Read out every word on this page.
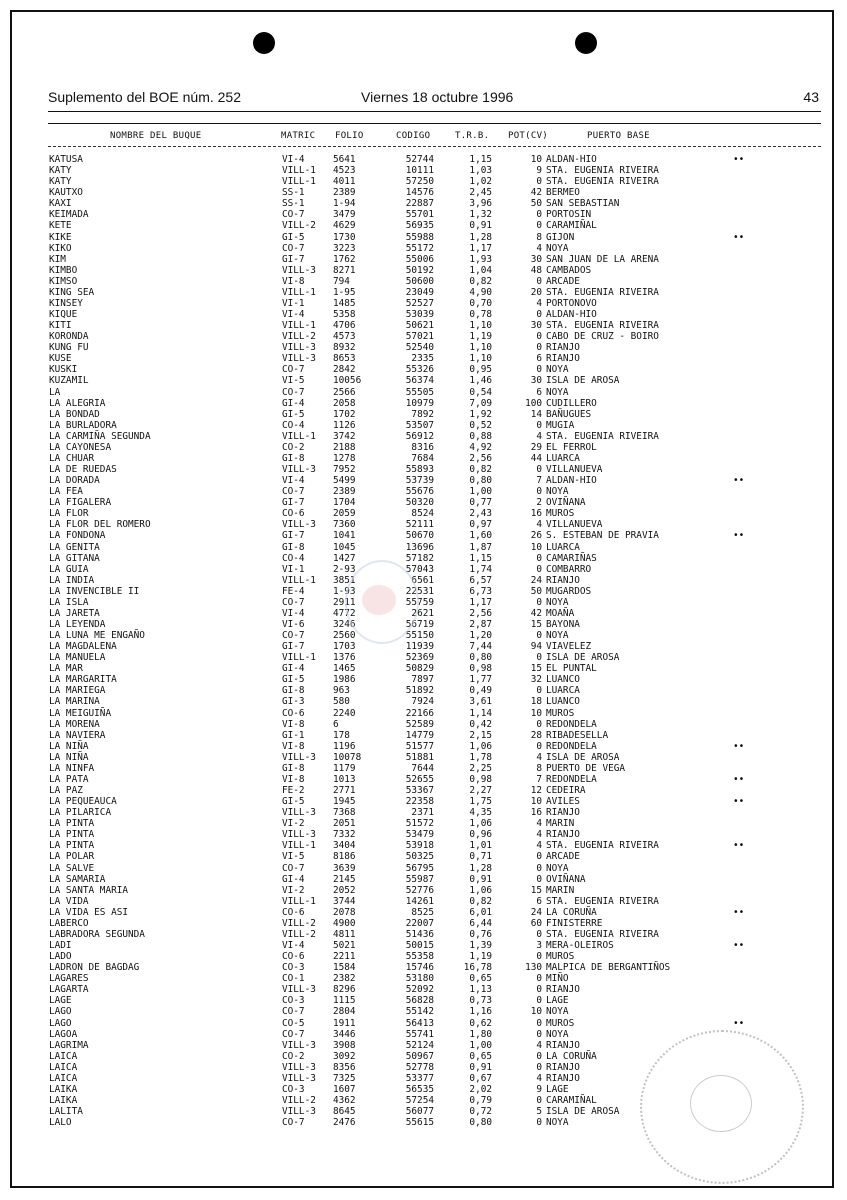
Suplemento del BOE núm. 252	Viernes 18 octubre 1996	43
NOMBRE DEL BUQUE	MATRIC FOLIO	CODIGO	T.R.B. POT(CV)	PUERTO BASE
KATUSA	VI-4	5641	52744	1,15	10 ALDAN-HIO	••
KATY	VILL-1 4523	10111	1,03	9 STA. EUGENIA RIVEIRA
KATY	VILL-1 4011	57250	1,02	0 STA. EUGENIA RIVEIRA
KAUTXO	SS-1	2389	14576	2,45	42 BERMEO
KAXI	SS-1	1-94	22887	3,96	50 SAN SEBASTIAN
KEIMADA	CO-7	3479	55701	1,32	0 PORTOSIN
KETE	VILL-2 4629	56935	0,91	0 CARAMIÑAL
KIKE	GI-5	1730	55988	1,28	8 GIJON	••
KIKO	CO-7	3223	55172	1,17	4 NOYA
KIM	GI-7	1762	55006	1,93	30 SAN JUAN DE LA ARENA
KIMBO	VILL-3 8271	50192	1,04	48 CAMBADOS
KIMSO	VI-8	794	50600	0,82	0 ARCADE
KING SEA	VILL-1 1-95	23049	4,90	20 STA. EUGENIA RIVEIRA
KINSEY	VI-1	1485	52527	0,70	4 PORTONOVO
KIQUE	VI-4	5358	53039	0,78	0 ALDAN-HIO
KITI	VILL-1 4706	50621	1,10	30 STA. EUGENIA RIVEIRA
KORONDA	VILL-2 4573	57021	1,19	0 CABO DE CRUZ - BOIRO
KUNG FU	VILL-3 8932	52540	1,10	0 RIANJO
KUSE	VILL-3 8653	2335	1,10	6 RIANJO
KUSKI	CO-7	2842	55326	0,95	0 NOYA
KUZAMIL	VI-5	10056	56374	1,46	30 ISLA DE AROSA
LA	CO-7	2566	55505	0,54	6 NOYA
LA ALEGRIA	GI-4	2058	10979	7,09	100 CUDILLERO
LA BONDAD	GI-5	1702	7892	1,92	14 BAÑUGUES
LA BURLADORA	CO-4	1126	53507	0,52	0 MUGIA
LA CARMIÑA SEGUNDA	VILL-1 3742	56912	0,88	4 STA. EUGENIA RIVEIRA
LA CAYONESA	CO-2	2188	8316	4,92	29 EL FERROL
LA CHUAR	GI-8	1278	7684	2,56	44 LUARCA
LA DE RUEDAS	VILL-3 7952	55893	0,82	0 VILLANUEVA
LA DORADA	VI-4	5499	53739	0,80	7 ALDAN-HIO	••
LA FEA	CO-7	2389	55676	1,00	0 NOYA
LA FIGALERA	GI-7	1704	50320	0,77	2 OVIÑANA
LA FLOR	CO-6	2059	8524	2,43	16 MUROS
LA FLOR DEL ROMERO	VILL-3 7360	52111	0,97	4 VILLANUEVA
LA FONDONA	GI-7	1041	50670	1,60	26 S. ESTEBAN DE PRAVIA	••
LA GENITA	GI-8	1045	13696	1,87	10 LUARCA
LA GITANA	CO-4	1427	57182	1,15	0 CAMARIÑAS
LA GUIA	VI-1	2-93	57043	1,74	0 COMBARRO
LA INDIA	VILL-1 3851	6561	6,57	24 RIANJO
LA INVENCIBLE II	FE-4	1-93	22531	6,73	50 MUGARDOS
LA ISLA	CO-7	2911	55759	1,17	0 NOYA
LA JARETA	VI-4	4772	2621	2,56	42 MOAÑA
LA LEYENDA	VI-6	3246	56719	2,87	15 BAYONA
LA LUNA ME ENGAÑO	CO-7	2560	55150	1,20	0 NOYA
LA MAGDALENA	GI-7	1703	11939	7,44	94 VIAVELEZ
LA MANUELA	VILL-1 1376	52369	0,80	0 ISLA DE AROSA
LA MAR	GI-4	1465	50829	0,98	15 EL PUNTAL
LA MARGARITA	GI-5	1986	7897	1,77	32 LUANCO
LA MARIEGA	GI-8	963	51892	0,49	0 LUARCA
LA MARINA	GI-3	580	7924	3,61	18 LUANCO
LA MEIGUIÑA	CO-6	2240	22166	1,14	10 MUROS
LA MORENA	VI-8	6	52589	0,42	0 REDONDELA
LA NAVIERA	GI-1	178	14779	2,15	28 RIBADESELLA
LA NIÑA	VI-8	1196	51577	1,06	0 REDONDELA	••
LA NIÑA	VILL-3 10078	51881	1,78	4 ISLA DE AROSA
LA NINFA	GI-8	1179	7644	2,25	8 PUERTO DE VEGA
LA PATA	VI-8	1013	52655	0,98	7 REDONDELA	••
LA PAZ	FE-2	2771	53367	2,27	12 CEDEIRA
LA PEQUEAUCA	GI-5	1945	22358	1,75	10 AVILES	••
LA PILARICA	VILL-3 7368	2371	4,35	16 RIANJO
LA PINTA	VI-2	2051	51572	1,06	4 MARIN
LA PINTA	VILL-3 7332	53479	0,96	4 RIANJO
LA PINTA	VILL-1 3404	53918	1,01	4 STA. EUGENIA RIVEIRA	••
LA POLAR	VI-5	8186	50325	0,71	0 ARCADE
LA SALVE	CO-7	3639	56795	1,28	0 NOYA
LA SAMARIA	GI-4	2145	55987	0,91	0 OVIÑANA
LA SANTA MARIA	VI-2	2052	52776	1,06	15 MARIN
LA VIDA	VILL-1 3744	14261	0,82	6 STA. EUGENIA RIVEIRA
LA VIDA ES ASI	CO-6	2078	8525	6,01	24 LA CORUÑA	••
LABERCO	VILL-2 4900	22007	6,44	60 FINISTERRE
LABRADORA SEGUNDA	VILL-2 4811	51436	0,76	0 STA. EUGENIA RIVEIRA
LADI	VI-4	5021	50015	1,39	3 MERA-OLEIROS	••
LADO	CO-6	2211	55358	1,19	0 MUROS
LADRON DE BAGDAG	CO-3	1584	15746	16,78	130 MALPICA DE BERGANTIÑOS
LAGARES	CO-1	2382	53180	0,65	0 MIÑO
LAGARTA	VILL-3 8296	52092	1,13	0 RIANJO
LAGE	CO-3	1115	56828	0,73	0 LAGE
LAGO	CO-7	2804	55142	1,16	10 NOYA
LAGO	CO-5	1911	56413	0,62	0 MUROS	••
LAGOA	CO-7	3446	55741	1,80	0 NOYA
LAGRIMA	VILL-3 3908	52124	1,00	4 RIANJO
LAICA	CO-2	3092	50967	0,65	0 LA CORUÑA
LAICA	VILL-3 8356	52778	0,91	0 RIANJO
LAICA	VILL-3 7325	53377	0,67	4 RIANJO
LAIKA	CO-3	1607	56535	2,02	9 LAGE
LAIKA	VILL-2 4362	57254	0,79	0 CARAMIÑAL
LALITA	VILL-3 8645	56077	0,72	5 ISLA DE AROSA
LALO	CO-7	2476	55615	0,80	0 NOYA
